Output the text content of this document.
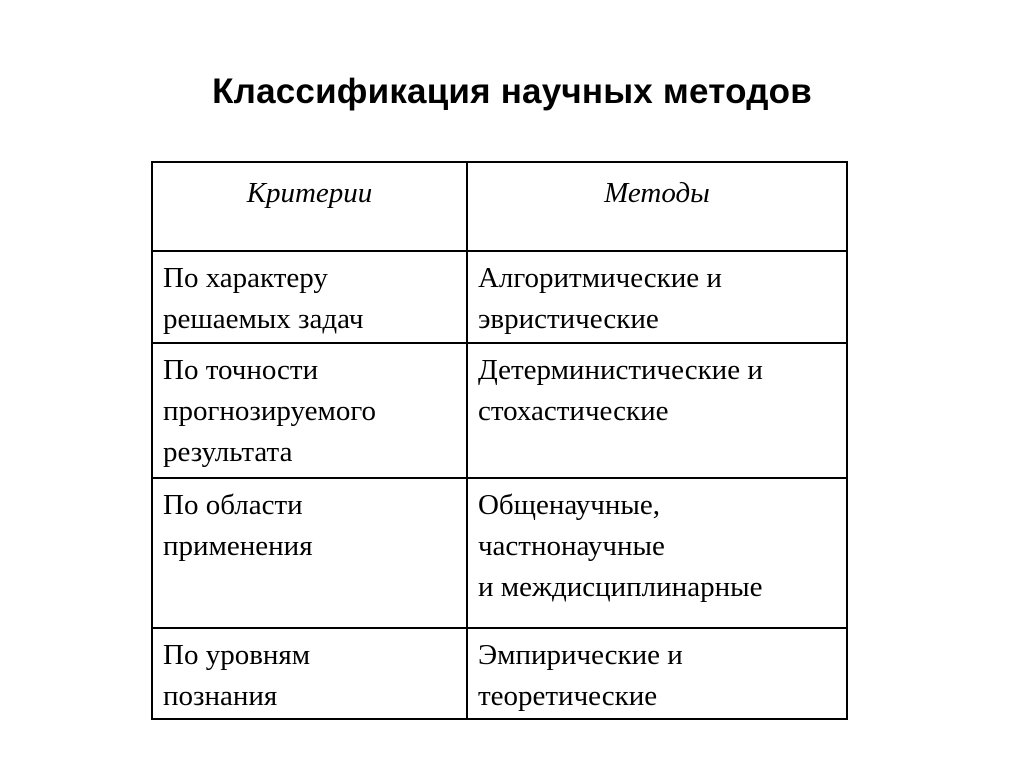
Классификация научных методов
Критерии	Методы

По характеру
решаемых задач	Алгоритмические и
эвристические

По точности
прогнозируемого
результата	Детерминистические и
стохастические

По области
применения	Общенаучные,
частнонаучные
и междисциплинарные

По уровням
познания	Эмпирические и
теоретические
